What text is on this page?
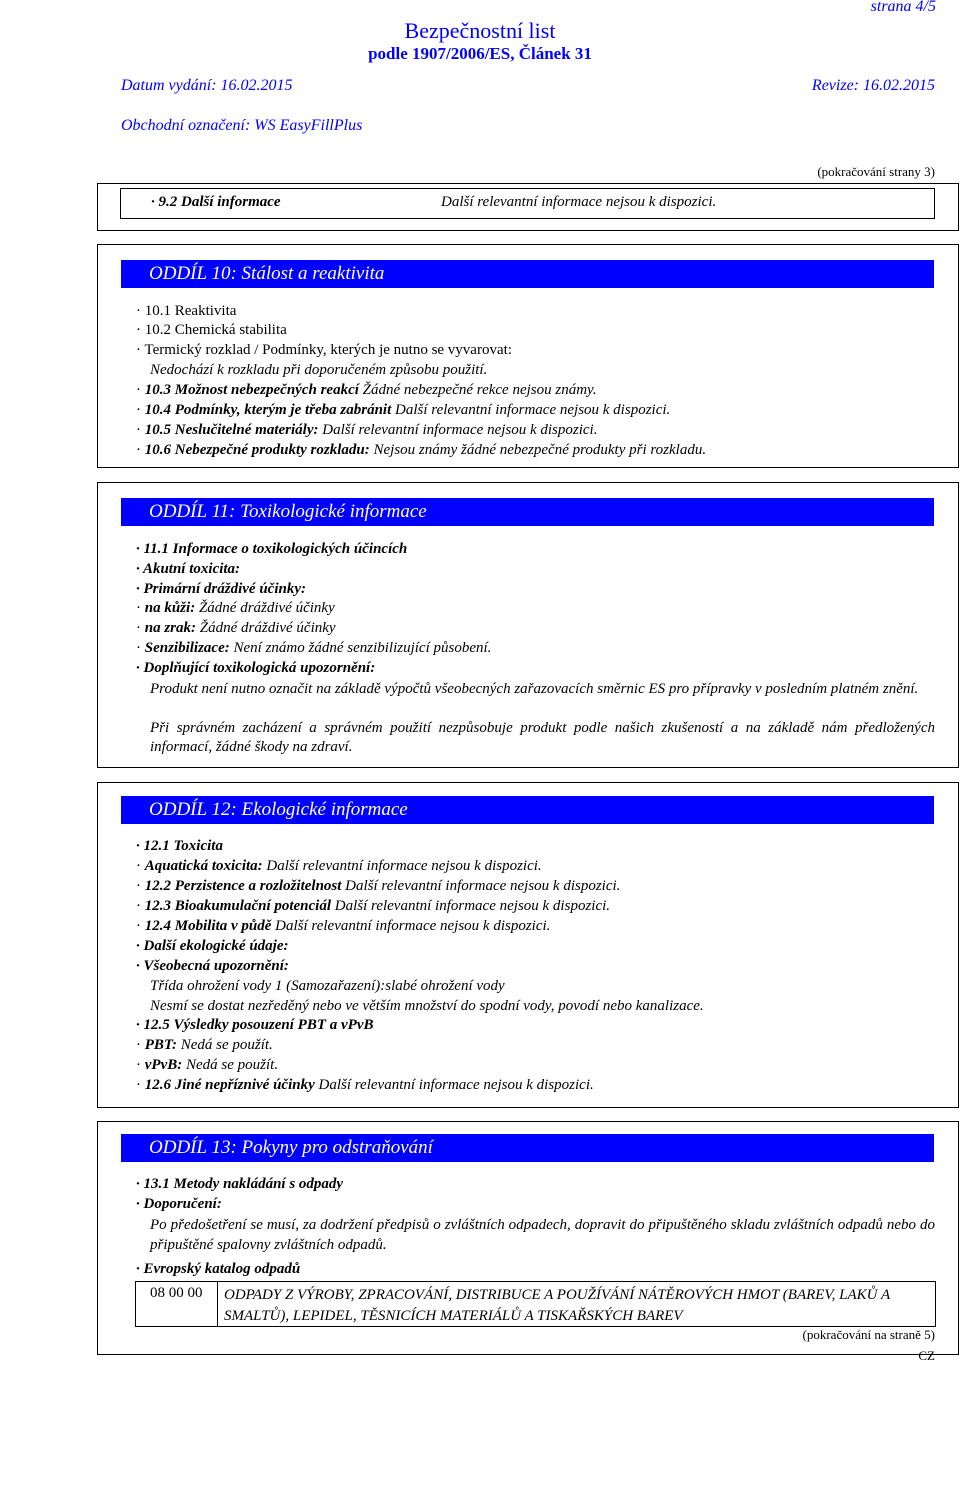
strana 4/5
Bezpečnostní list
podle 1907/2006/ES, Článek 31
Datum vydání: 16.02.2015	Revize: 16.02.2015
Obchodní označení: WS EasyFillPlus
(pokračování strany 3)
· 9.2 Další informace	Další relevantní informace nejsou k dispozici.
ODDÍL 10: Stálost a reaktivita
· 10.1 Reaktivita
· 10.2 Chemická stabilita
· Termický rozklad / Podmínky, kterých je nutno se vyvarovat:
Nedochází k rozkladu při doporučeném způsobu použití.
· 10.3 Možnost nebezpečných reakcí Žádné nebezpečné rekce nejsou známy.
· 10.4 Podmínky, kterým je třeba zabránit Další relevantní informace nejsou k dispozici.
· 10.5 Neslučitelné materiály: Další relevantní informace nejsou k dispozici.
· 10.6 Nebezpečné produkty rozkladu: Nejsou známy žádné nebezpečné produkty při rozkladu.
ODDÍL 11: Toxikologické informace
· 11.1 Informace o toxikologických účincích
· Akutní toxicita:
· Primární dráždivé účinky:
· na kůži: Žádné dráždivé účinky
· na zrak: Žádné dráždivé účinky
· Senzibilizace: Není známo žádné senzibilizující působení.
· Doplňující toxikologická upozornění:
Produkt není nutno označit na základě výpočtů všeobecných zařazovacích směrnic ES pro přípravky v posledním platném znění.
Při správném zacházení a správném použití nezpůsobuje produkt podle našich zkušeností a na základě nám předložených informací, žádné škody na zdraví.
ODDÍL 12: Ekologické informace
· 12.1 Toxicita
· Aquatická toxicita: Další relevantní informace nejsou k dispozici.
· 12.2 Perzistence a rozložitelnost Další relevantní informace nejsou k dispozici.
· 12.3 Bioakumulační potenciál Další relevantní informace nejsou k dispozici.
· 12.4 Mobilita v půdě Další relevantní informace nejsou k dispozici.
· Další ekologické údaje:
· Všeobecná upozornění:
Třída ohrožení vody 1 (Samozařazení):slabé ohrožení vody
Nesmí se dostat nezředěný nebo ve větším množství do spodní vody, povodí nebo kanalizace.
· 12.5 Výsledky posouzení PBT a vPvB
· PBT: Nedá se použít.
· vPvB: Nedá se použít.
· 12.6 Jiné nepříznivé účinky Další relevantní informace nejsou k dispozici.
ODDÍL 13: Pokyny pro odstraňování
· 13.1 Metody nakládání s odpady
· Doporučení:
Po předošetření se musí, za dodržení předpisů o zvláštních odpadech, dopravit do připuštěného skladu zvláštních odpadů nebo do připuštěné spalovny zvláštních odpadů.
· Evropský katalog odpadů
08 00 00 ODPADY Z VÝROBY, ZPRACOVÁNÍ, DISTRIBUCE A POUŽÍVÁNÍ NÁTĚROVÝCH HMOT (BAREV, LAKŮ A SMALTŮ), LEPIDEL, TĚSNICÍCH MATERIÁLŮ A TISKAŘSKÝCH BAREV
(pokračování na straně 5)
CZ
